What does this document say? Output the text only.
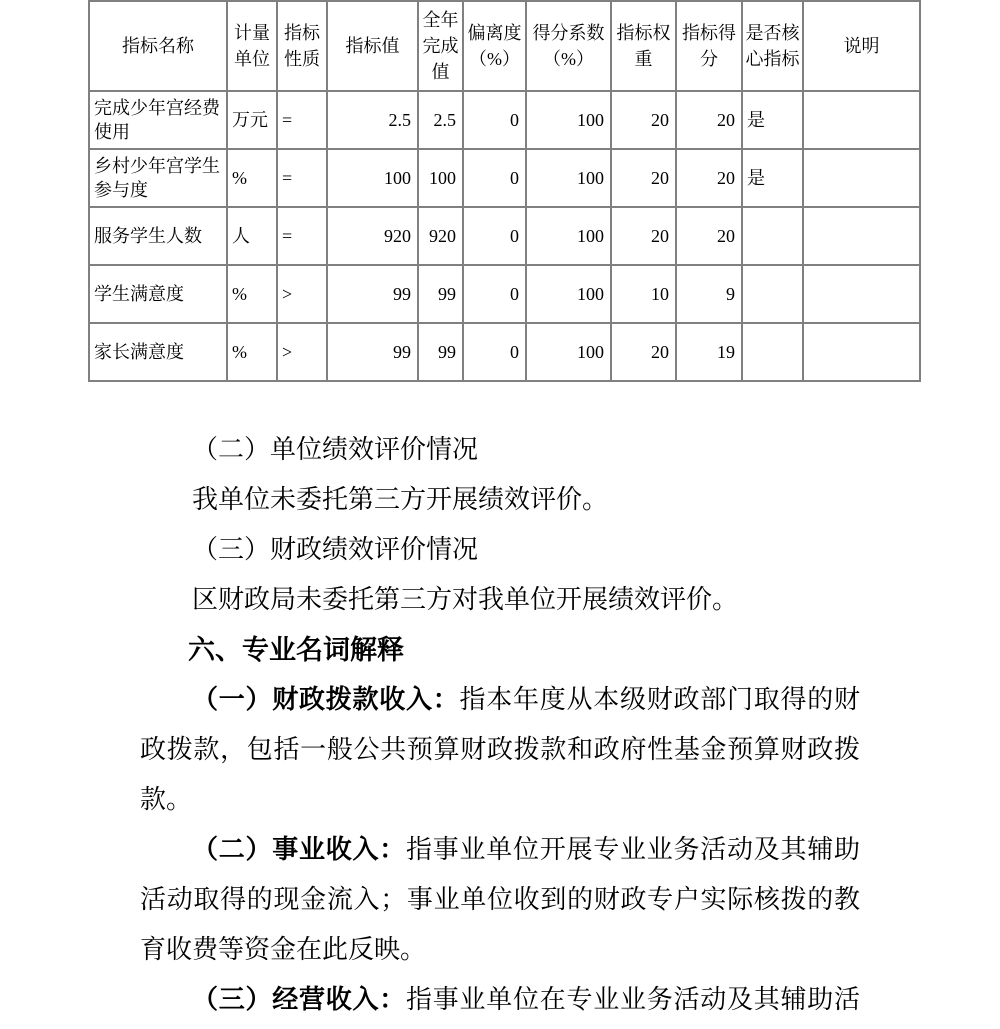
指标名称	计量单位	指标性质	指标值	全年完成值	偏离度（%）	得分系数（%）	指标权重	指标得分	是否核心指标	说明
完成少年宫经费使用	万元	=	2.5	2.5	0	100	20	20	是	
乡村少年宫学生参与度	%	=	100	100	0	100	20	20	是	
服务学生人数	人	=	920	920	0	100	20	20		
学生满意度	%	>	99	99	0	100	10	9		
家长满意度	%	>	99	99	0	100	20	19		
（二）单位绩效评价情况
我单位未委托第三方开展绩效评价。
（三）财政绩效评价情况
区财政局未委托第三方对我单位开展绩效评价。
六、专业名词解释
（一）财政拨款收入：指本年度从本级财政部门取得的财
政拨款，包括一般公共预算财政拨款和政府性基金预算财政拨
款。
（二）事业收入：指事业单位开展专业业务活动及其辅助
活动取得的现金流入；事业单位收到的财政专户实际核拨的教
育收费等资金在此反映。
（三）经营收入：指事业单位在专业业务活动及其辅助活
